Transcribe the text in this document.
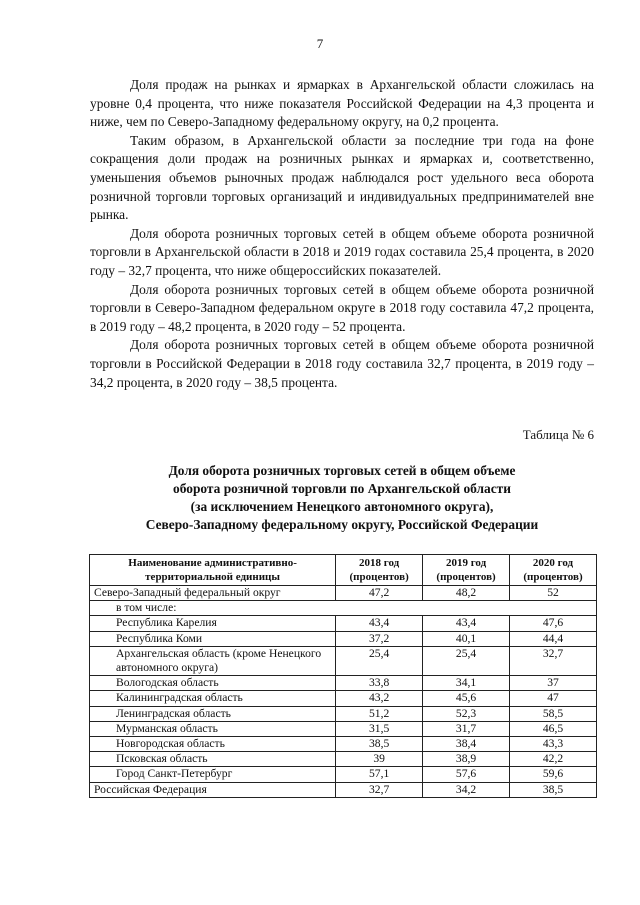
7

Доля продаж на рынках и ярмарках в Архангельской области сложилась на уровне 0,4 процента, что ниже показателя Российской Федерации на 4,3 процента и ниже, чем по Северо-Западному федеральному округу, на 0,2 процента.

Таким образом, в Архангельской области за последние три года на фоне сокращения доли продаж на розничных рынках и ярмарках и, соответственно, уменьшения объемов рыночных продаж наблюдался рост удельного веса оборота розничной торговли торговых организаций и индивидуальных предпринимателей вне рынка.

Доля оборота розничных торговых сетей в общем объеме оборота розничной торговли в Архангельской области в 2018 и 2019 годах составила 25,4 процента, в 2020 году – 32,7 процента, что ниже общероссийских показателей.

Доля оборота розничных торговых сетей в общем объеме оборота розничной торговли в Северо-Западном федеральном округе в 2018 году составила 47,2 процента, в 2019 году – 48,2 процента, в 2020 году – 52 процента.

Доля оборота розничных торговых сетей в общем объеме оборота розничной торговли в Российской Федерации в 2018 году составила 32,7 процента, в 2019 году – 34,2 процента, в 2020 году – 38,5 процента.

Таблица № 6
Доля оборота розничных торговых сетей в общем объеме
оборота розничной торговли по Архангельской области
(за исключением Ненецкого автономного округа),
Северо-Западному федеральному округу, Российской Федерации
Наименование административно-территориальной единицы	2018 год (процентов)	2019 год (процентов)	2020 год (процентов)
Северо-Западный федеральный округ	47,2	48,2	52
в том числе:			
Республика Карелия	43,4	43,4	47,6
Республика Коми	37,2	40,1	44,4
Архангельская область (кроме Ненецкого автономного округа)	25,4	25,4	32,7
Вологодская область	33,8	34,1	37
Калининградская область	43,2	45,6	47
Ленинградская область	51,2	52,3	58,5
Мурманская область	31,5	31,7	46,5
Новгородская область	38,5	38,4	43,3
Псковская область	39	38,9	42,2
Город Санкт-Петербург	57,1	57,6	59,6
Российская Федерация	32,7	34,2	38,5
